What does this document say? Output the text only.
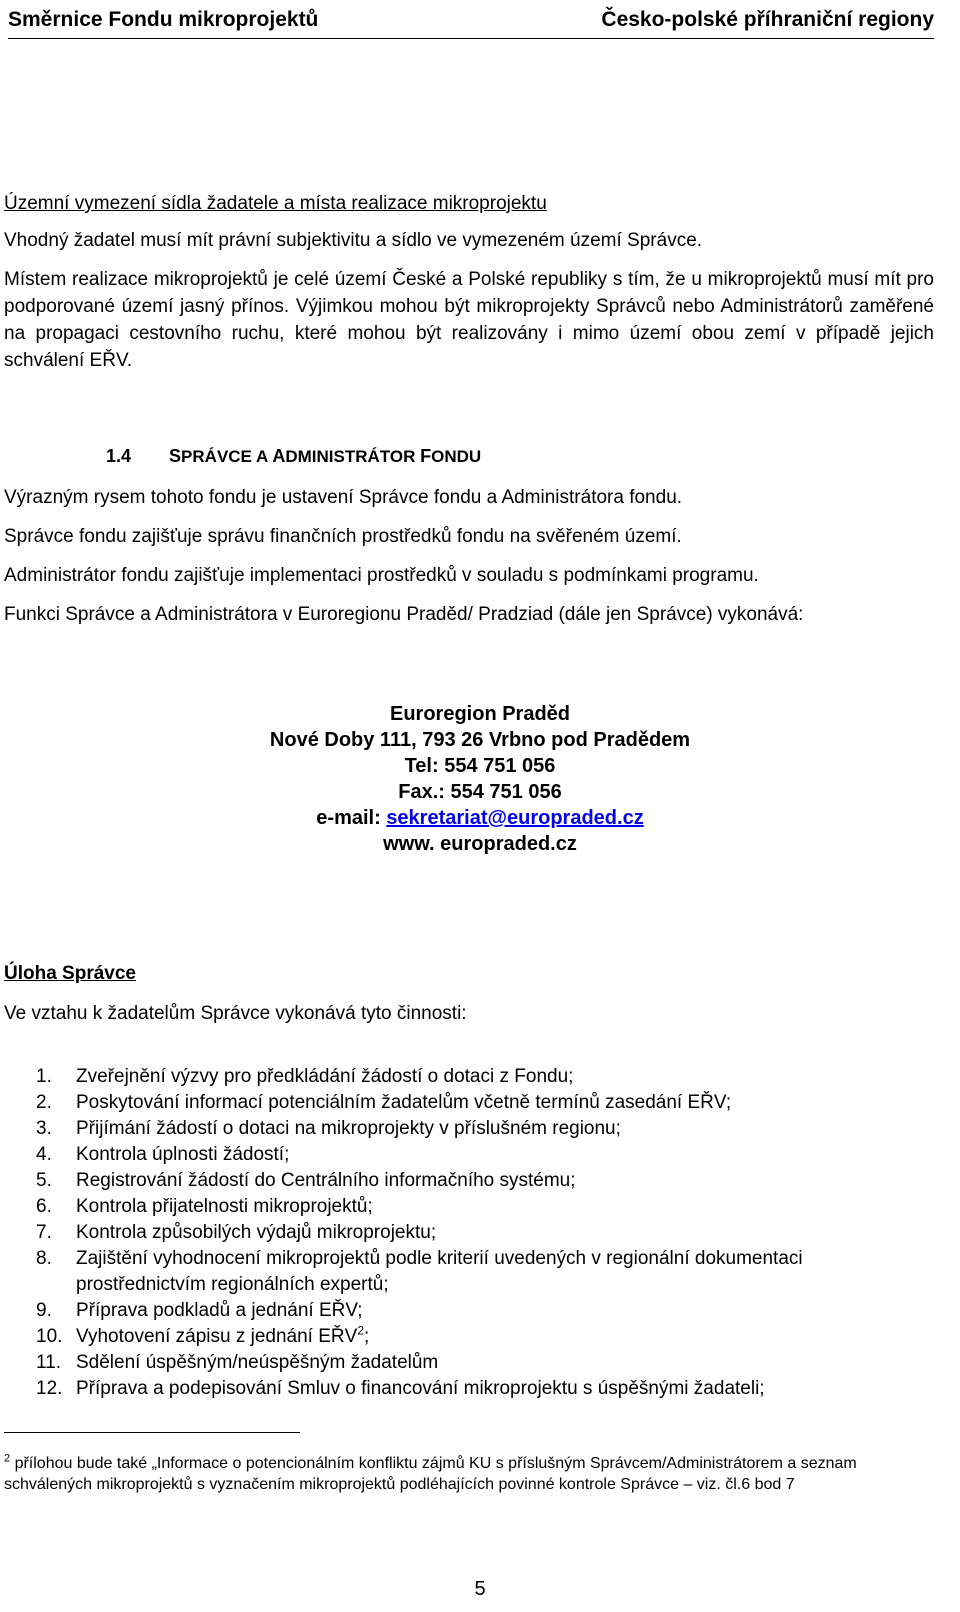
Směrnice Fondu mikroprojektů	Česko-polské příhraniční regiony
Územní vymezení sídla žadatele a místa realizace mikroprojektu
Vhodný žadatel musí mít právní subjektivitu a sídlo ve vymezeném území Správce.
Místem realizace mikroprojektů je celé území České a Polské republiky s tím, že u mikroprojektů musí mít pro podporované území jasný přínos. Výjimkou mohou být mikroprojekty Správců nebo Administrátorů zaměřené na propagaci cestovního ruchu, které mohou být realizovány i mimo území obou zemí v případě jejich schválení EŘV.
1.4 SPRÁVCE A ADMINISTRÁTOR FONDU
Výrazným rysem tohoto fondu je ustavení Správce fondu a Administrátora fondu.
Správce fondu zajišťuje správu finančních prostředků fondu na svěřeném území.
Administrátor fondu zajišťuje implementaci prostředků v souladu s podmínkami programu.
Funkci Správce a Administrátora v Euroregionu Praděd/ Pradziad (dále jen Správce) vykonává:
Euroregion Praděd
Nové Doby 111, 793 26 Vrbno pod Pradědem
Tel: 554 751 056
Fax.: 554 751 056
e-mail: sekretariat@europraded.cz
www. europraded.cz
Úloha Správce
Ve vztahu k žadatelům Správce vykonává tyto činnosti:
1.	Zveřejnění výzvy pro předkládání žádostí o dotaci z Fondu;
2.	Poskytování informací potenciálním žadatelům včetně termínů zasedání EŘV;
3.	Přijímání žádostí o dotaci na mikroprojekty v příslušném regionu;
4.	Kontrola úplnosti žádostí;
5.	Registrování žádostí do Centrálního informačního systému;
6.	Kontrola přijatelnosti mikroprojektů;
7.	Kontrola způsobilých výdajů mikroprojektu;
8.	Zajištění vyhodnocení mikroprojektů podle kriterií uvedených v regionální dokumentaci prostřednictvím regionálních expertů;
9.	Příprava podkladů a jednání EŘV;
10. Vyhotovení zápisu z jednání EŘV$^2$;
11. Sdělení úspěšným/neúspěšným žadatelům
12. Příprava a podepisování Smluv o financování mikroprojektu s úspěšnými žadateli;
$^2$ přílohou bude také „Informace o potencionálním konfliktu zájmů KU s příslušným Správcem/Administrátorem a seznam schválených mikroprojektů s vyznačením mikroprojektů podléhajících povinné kontrole Správce – viz. čl.6 bod 7
5
